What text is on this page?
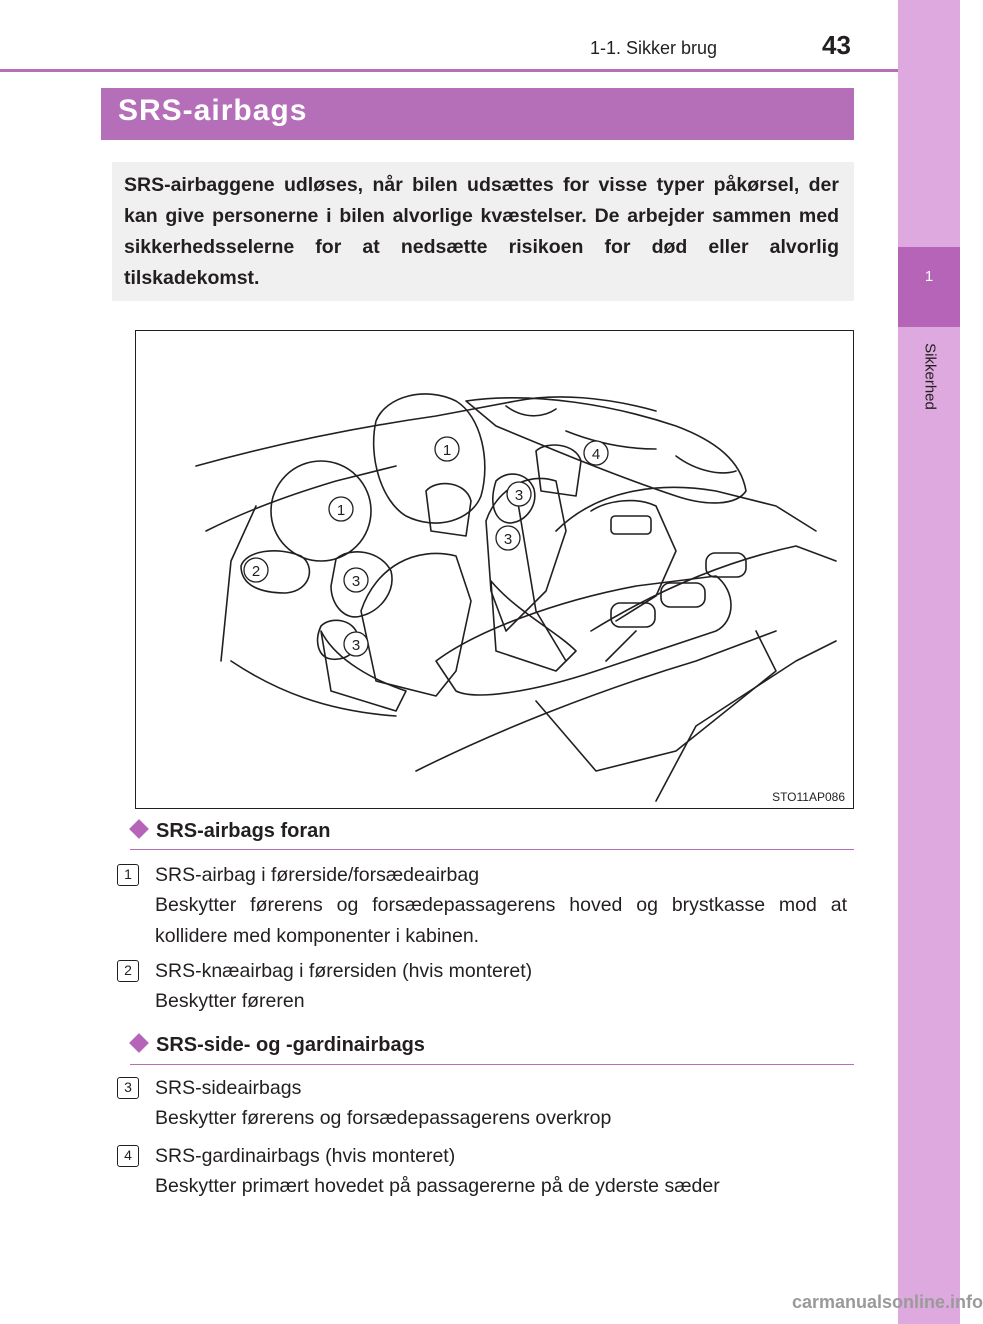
1
Sikkerhed
1-1. Sikker brug	43
SRS-airbags
SRS-airbaggene udløses, når bilen udsættes for visse typer påkørsel, der kan give personerne i bilen alvorlige kvæstelser. De arbejder sammen med sikkerhedsselerne for at nedsætte risikoen for død eller alvorlig tilskadekomst.
1
1
2
3
3
3
3
4
STO11AP086
SRS-airbags foran
1	SRS-airbag i førerside/forsædeairbag
Beskytter førerens og forsædepassagerens hoved og brystkasse mod at kollidere med komponenter i kabinen.
2	SRS-knæairbag i førersiden (hvis monteret)
Beskytter føreren
SRS-side- og -gardinairbags
3	SRS-sideairbags
Beskytter førerens og forsædepassagerens overkrop
4	SRS-gardinairbags (hvis monteret)
Beskytter primært hovedet på passagererne på de yderste sæder
carmanualsonline.info
